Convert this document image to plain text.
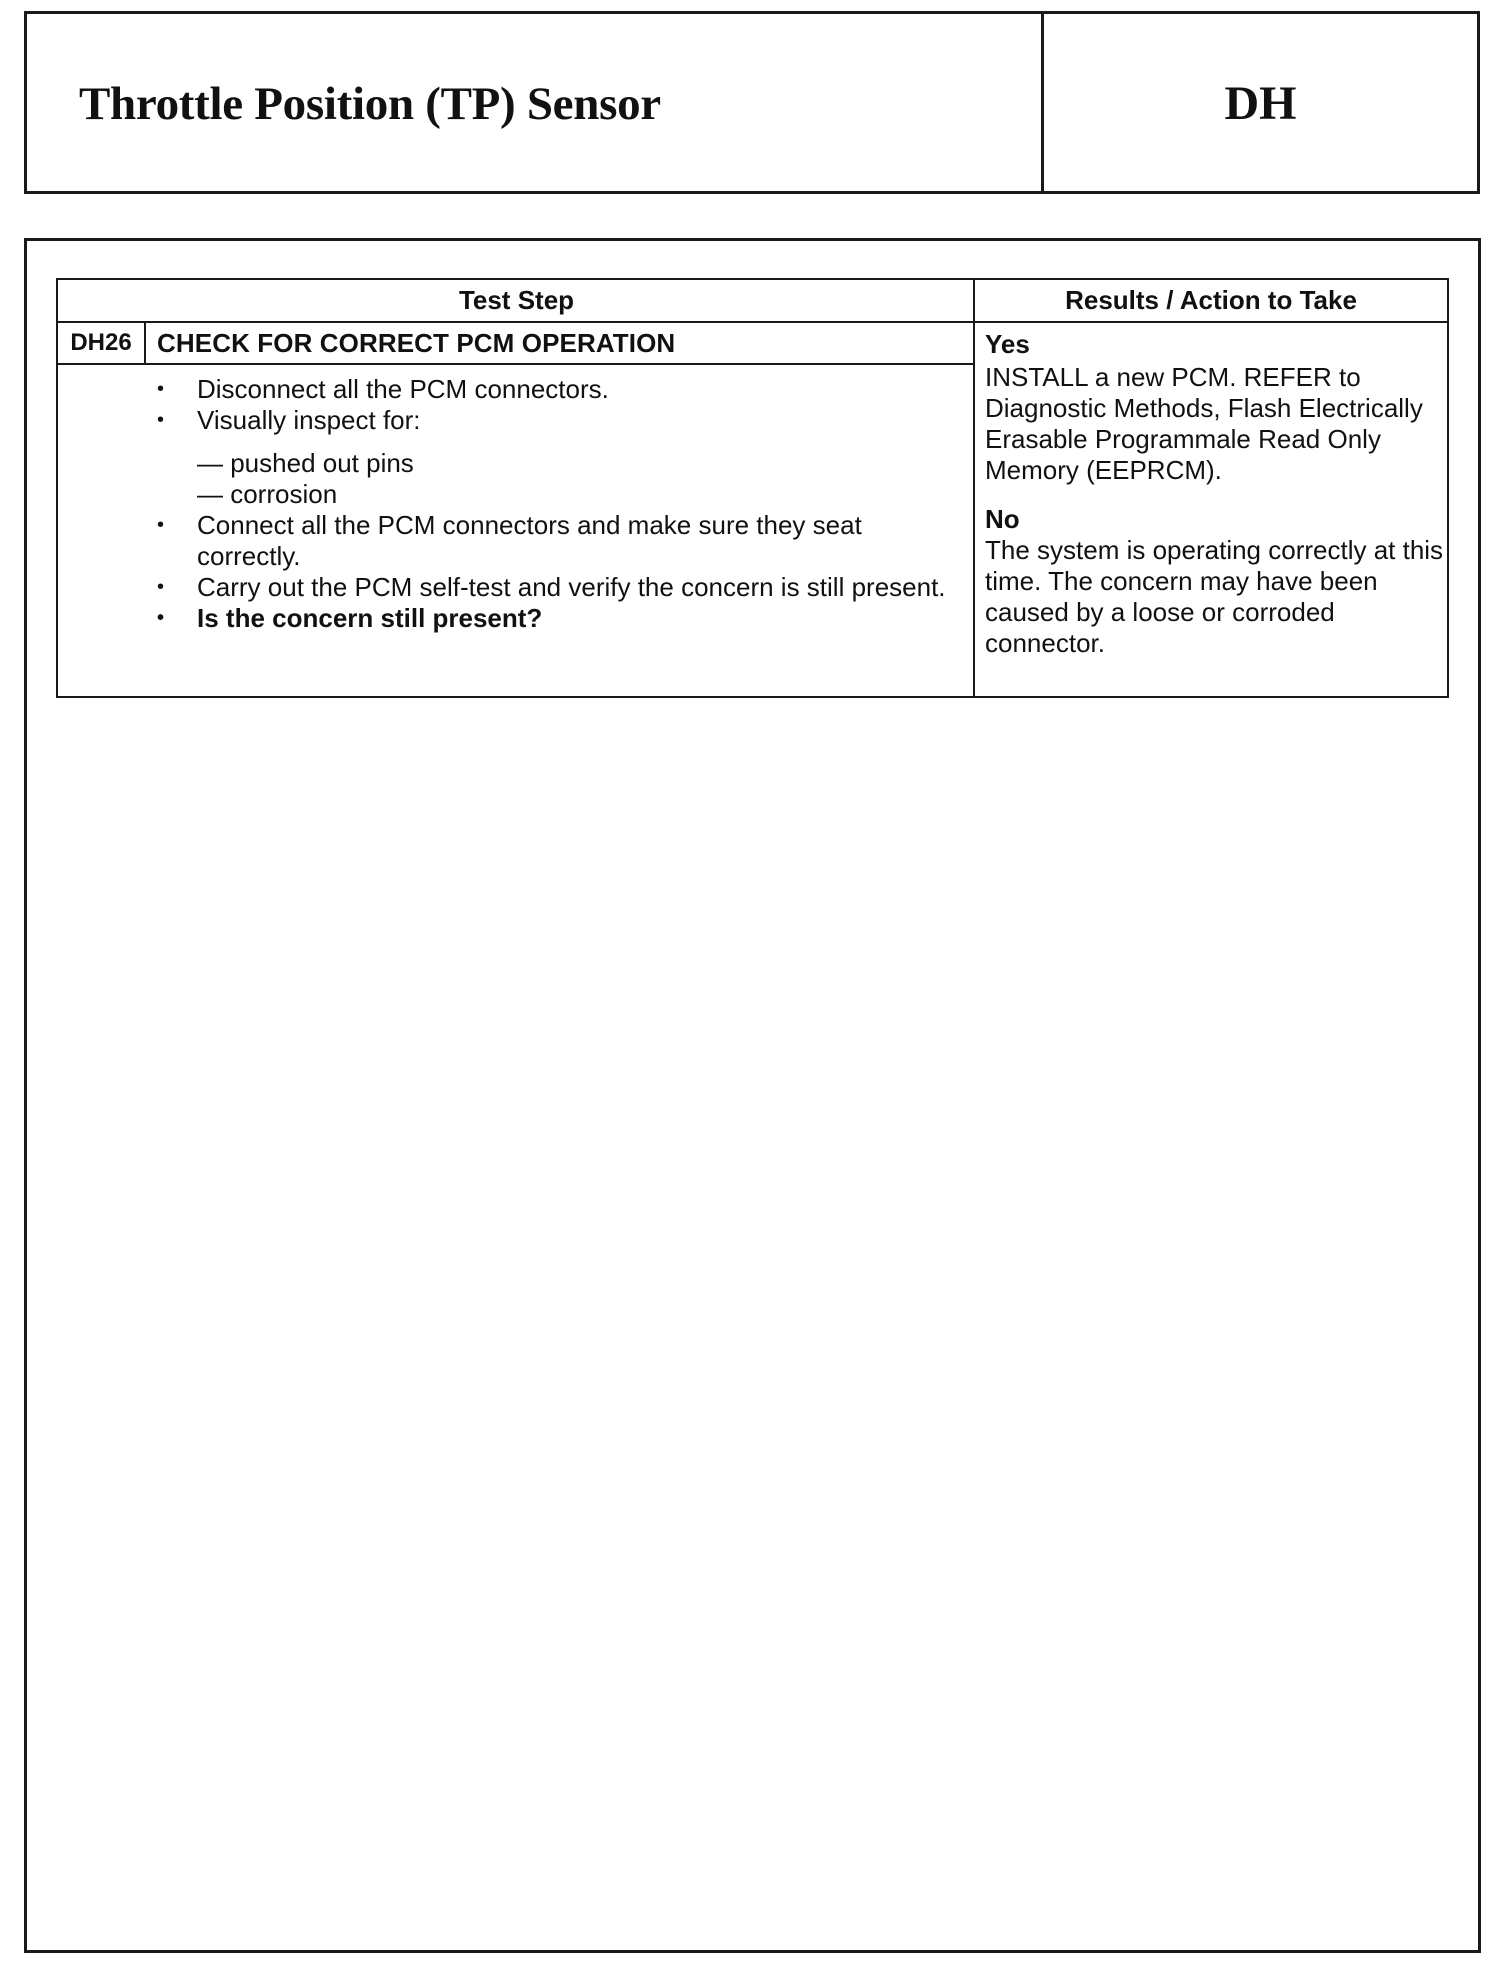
Throttle Position (TP) Sensor	DH
Test Step	Results / Action to Take
DH26 CHECK FOR CORRECT PCM OPERATION
• Disconnect all the PCM connectors.
• Visually inspect for:
— pushed out pins
— corrosion
• Connect all the PCM connectors and make sure they seat correctly.
• Carry out the PCM self-test and verify the concern is still present.
• Is the concern still present?
Yes
INSTALL a new PCM. REFER to Diagnostic Methods, Flash Electrically Erasable Programmale Read Only Memory (EEPRCM).
No
The system is operating correctly at this time. The concern may have been caused by a loose or corroded connector.
